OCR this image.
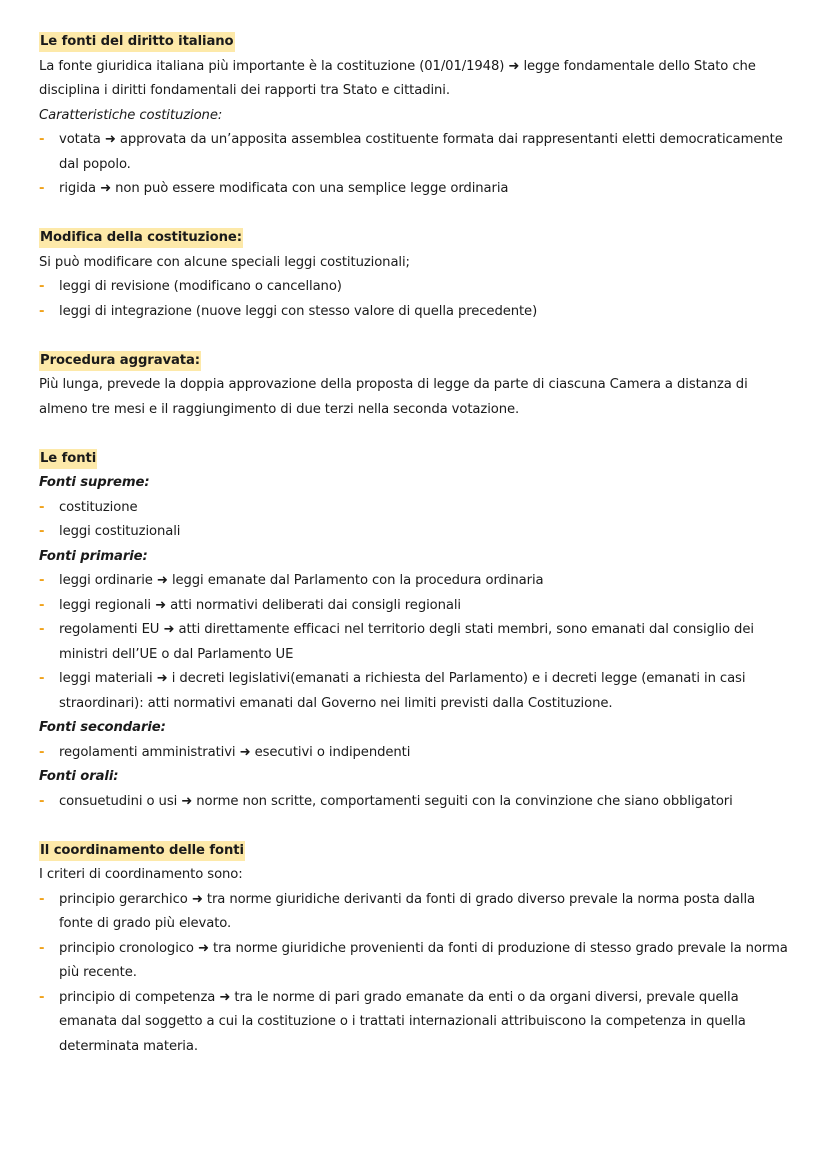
Le fonti del diritto italiano
La fonte giuridica italiana più importante è la costituzione (01/01/1948) ➜ legge fondamentale dello Stato che disciplina i diritti fondamentali dei rapporti tra Stato e cittadini.
Caratteristiche costituzione:
- votata ➜ approvata da un’apposita assemblea costituente formata dai rappresentanti eletti democraticamente dal popolo.
- rigida ➜ non può essere modificata con una semplice legge ordinaria
Modifica della costituzione:
Si può modificare con alcune speciali leggi costituzionali;
- leggi di revisione (modificano o cancellano)
- leggi di integrazione (nuove leggi con stesso valore di quella precedente)
Procedura aggravata:
Più lunga, prevede la doppia approvazione della proposta di legge da parte di ciascuna Camera a distanza di almeno tre mesi e il raggiungimento di due terzi nella seconda votazione.
Le fonti
Fonti supreme:
- costituzione
- leggi costituzionali
Fonti primarie:
- leggi ordinarie ➜ leggi emanate dal Parlamento con la procedura ordinaria
- leggi regionali ➜ atti normativi deliberati dai consigli regionali
- regolamenti EU ➜ atti direttamente efficaci nel territorio degli stati membri, sono emanati dal consiglio dei ministri dell’UE o dal Parlamento UE
- leggi materiali ➜ i decreti legislativi(emanati a richiesta del Parlamento) e i decreti legge (emanati in casi straordinari): atti normativi emanati dal Governo nei limiti previsti dalla Costituzione.
Fonti secondarie:
- regolamenti amministrativi ➜ esecutivi o indipendenti
Fonti orali:
- consuetudini o usi ➜ norme non scritte, comportamenti seguiti con la convinzione che siano obbligatori
Il coordinamento delle fonti
I criteri di coordinamento sono:
- principio gerarchico ➜ tra norme giuridiche derivanti da fonti di grado diverso prevale la norma posta dalla fonte di grado più elevato.
- principio cronologico ➜ tra norme giuridiche provenienti da fonti di produzione di stesso grado prevale la norma più recente.
- principio di competenza ➜ tra le norme di pari grado emanate da enti o da organi diversi, prevale quella emanata dal soggetto a cui la costituzione o i trattati internazionali attribuiscono la competenza in quella determinata materia.
